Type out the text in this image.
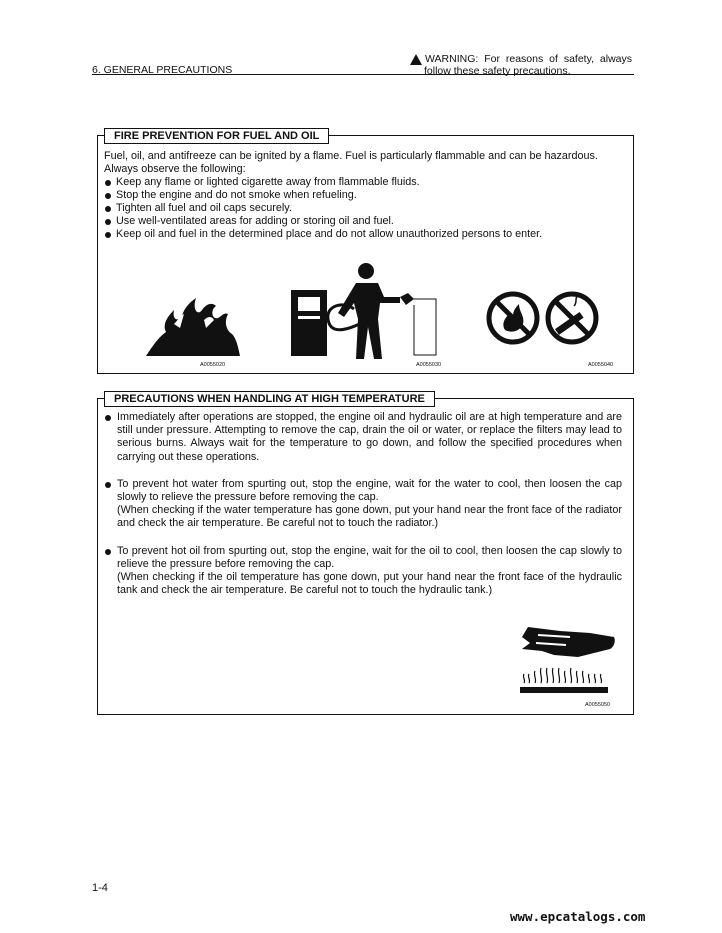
6. GENERAL PRECAUTIONS
WARNING: For reasons of safety, always
follow these safety precautions.
FIRE PREVENTION FOR FUEL AND OIL
Fuel, oil, and antifreeze can be ignited by a flame. Fuel is particularly flammable and can be hazardous.
Always observe the following:
Keep any flame or lighted cigarette away from flammable fluids.
Stop the engine and do not smoke when refueling.
Tighten all fuel and oil caps securely.
Use well-ventilated areas for adding or storing oil and fuel.
Keep oil and fuel in the determined place and do not allow unauthorized persons to enter.
A0055020	A0055030	A0055040
PRECAUTIONS WHEN HANDLING AT HIGH TEMPERATURE
Immediately after operations are stopped, the engine oil and hydraulic oil are at high temperature and are still under pressure. Attempting to remove the cap, drain the oil or water, or replace the filters may lead to serious burns. Always wait for the temperature to go down, and follow the specified procedures when carrying out these operations.
To prevent hot water from spurting out, stop the engine, wait for the water to cool, then loosen the cap slowly to relieve the pressure before removing the cap.
(When checking if the water temperature has gone down, put your hand near the front face of the radiator and check the air temperature. Be careful not to touch the radiator.)
To prevent hot oil from spurting out, stop the engine, wait for the oil to cool, then loosen the cap slowly to relieve the pressure before removing the cap.
(When checking if the oil temperature has gone down, put your hand near the front face of the hydraulic tank and check the air temperature. Be careful not to touch the hydraulic tank.)
A0055050
1-4
www.epcatalogs.com
